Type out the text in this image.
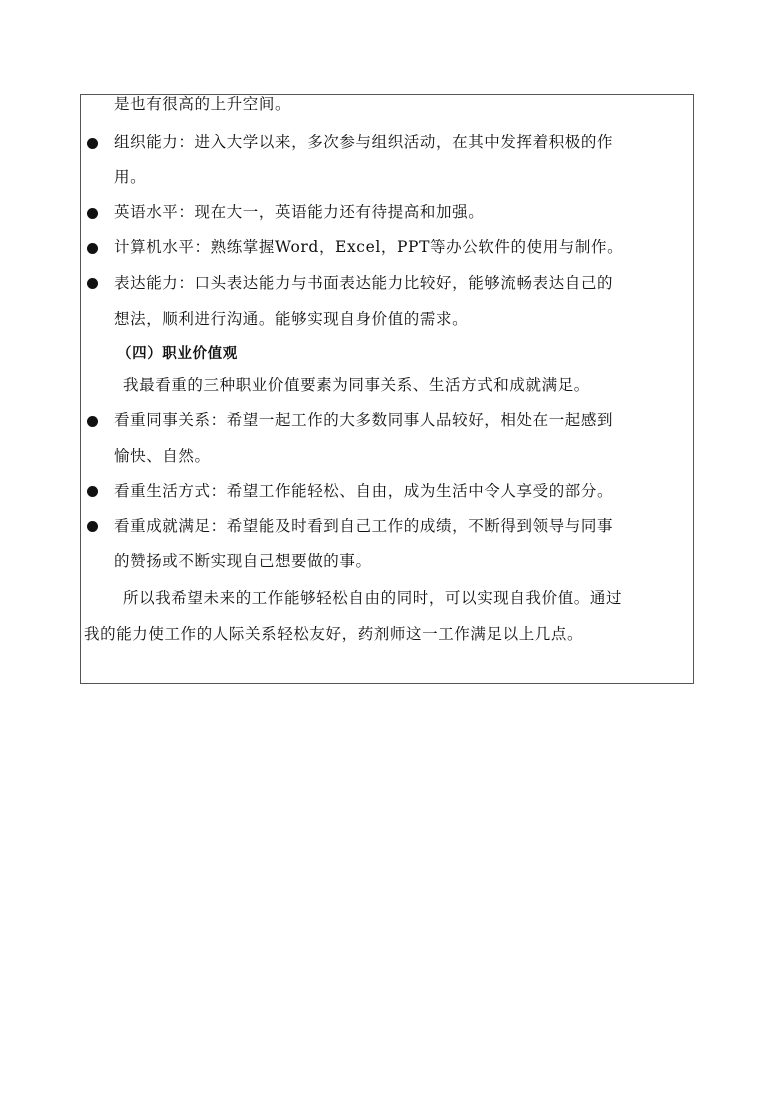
是也有很高的上升空间。
组织能力：进入大学以来，多次参与组织活动，在其中发挥着积极的作
用。
英语水平：现在大一，英语能力还有待提高和加强。
计算机水平：熟练掌握Word，Excel，PPT等办公软件的使用与制作。
表达能力：口头表达能力与书面表达能力比较好，能够流畅表达自己的
想法，顺利进行沟通。能够实现自身价值的需求。
（四）职业价值观
我最看重的三种职业价值要素为同事关系、生活方式和成就满足。
看重同事关系：希望一起工作的大多数同事人品较好，相处在一起感到
愉快、自然。
看重生活方式：希望工作能轻松、自由，成为生活中令人享受的部分。
看重成就满足：希望能及时看到自己工作的成绩，不断得到领导与同事
的赞扬或不断实现自己想要做的事。
所以我希望未来的工作能够轻松自由的同时，可以实现自我价值。通过
我的能力使工作的人际关系轻松友好，药剂师这一工作满足以上几点。
